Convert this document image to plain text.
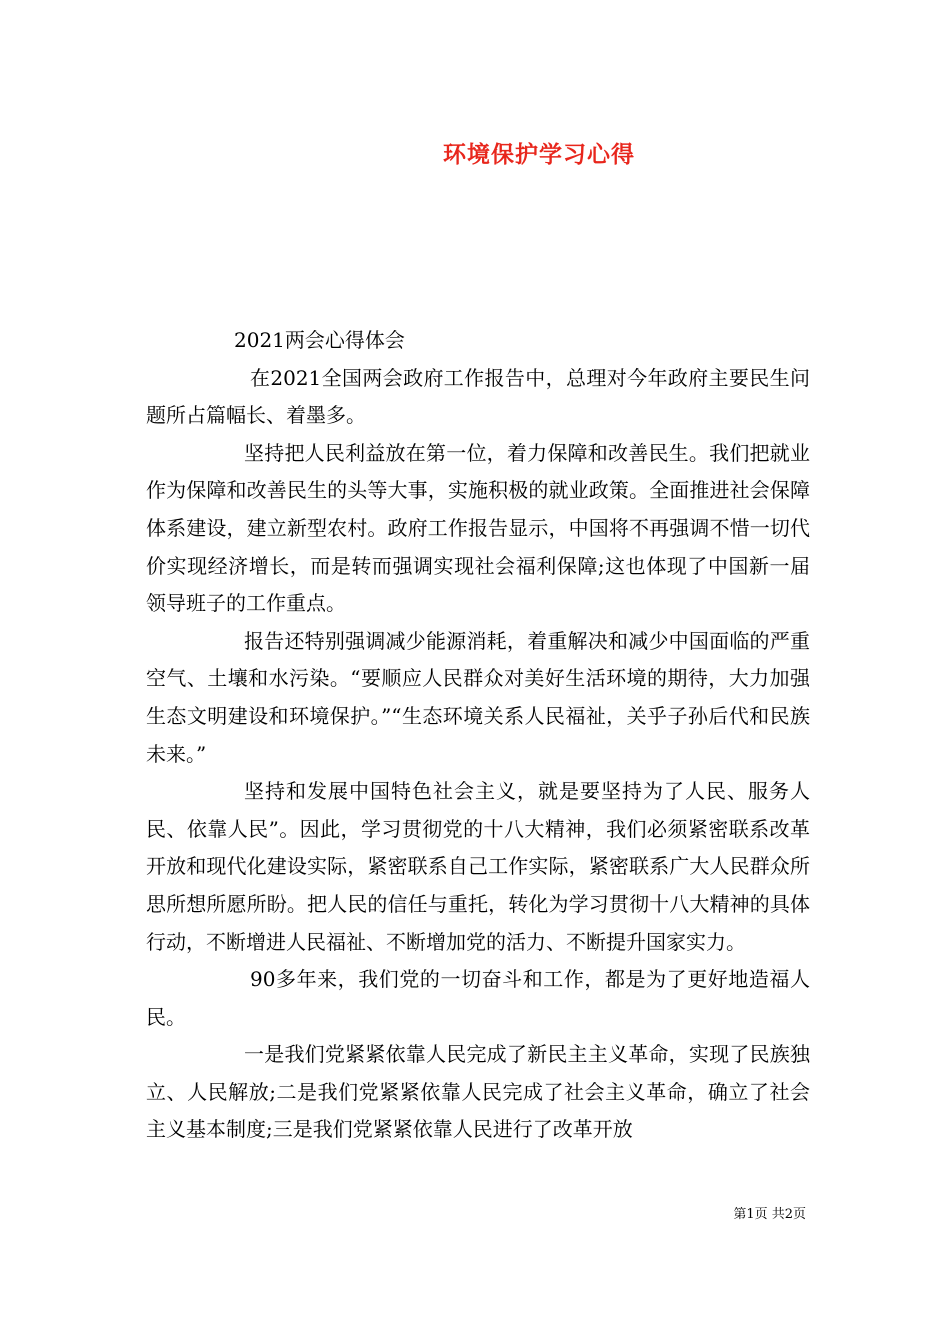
环境保护学习心得

2021两会心得体会

在2021全国两会政府工作报告中，总理对今年政府主要民生问题所占篇幅长、着墨多。

坚持把人民利益放在第一位，着力保障和改善民生。我们把就业作为保障和改善民生的头等大事，实施积极的就业政策。全面推进社会保障体系建设，建立新型农村。政府工作报告显示，中国将不再强调不惜一切代价实现经济增长，而是转而强调实现社会福利保障;这也体现了中国新一届领导班子的工作重点。

报告还特别强调减少能源消耗，着重解决和减少中国面临的严重空气、土壤和水污染。“要顺应人民群众对美好生活环境的期待，大力加强生态文明建设和环境保护。”“生态环境关系人民福祉，关乎子孙后代和民族未来。”

坚持和发展中国特色社会主义，就是要坚持为了人民、服务人民、依靠人民”。因此，学习贯彻党的十八大精神，我们必须紧密联系改革开放和现代化建设实际，紧密联系自己工作实际，紧密联系广大人民群众所思所想所愿所盼。把人民的信任与重托，转化为学习贯彻十八大精神的具体行动，不断增进人民福祉、不断增加党的活力、不断提升国家实力。

90多年来，我们党的一切奋斗和工作，都是为了更好地造福人民。

一是我们党紧紧依靠人民完成了新民主主义革命，实现了民族独立、人民解放;二是我们党紧紧依靠人民完成了社会主义革命，确立了社会主义基本制度;三是我们党紧紧依靠人民进行了改革开放

第1页 共2页
